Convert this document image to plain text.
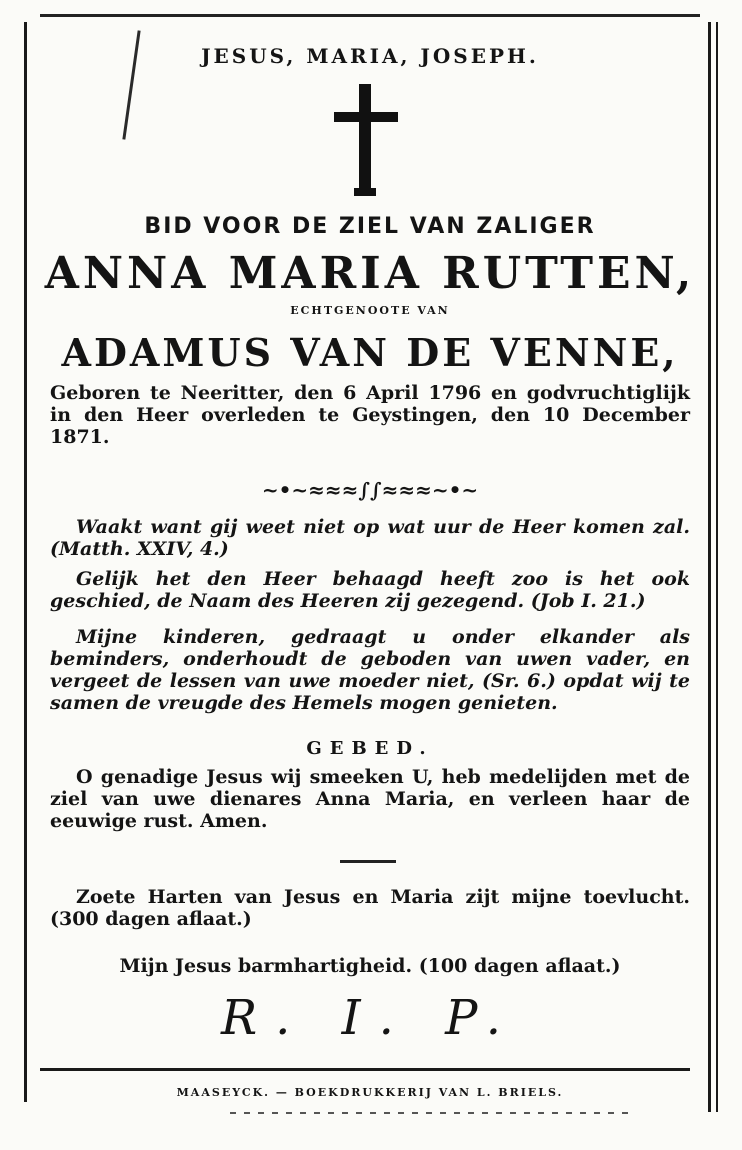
JESUS, MARIA, JOSEPH.
BID VOOR DE ZIEL VAN ZALIGER
ANNA MARIA RUTTEN,
ECHTGENOOTE VAN
ADAMUS VAN DE VENNE,
Geboren te Neeritter, den 6 April 1796 en godvruchtiglijk in den Heer overleden te Geystingen, den 10 December 1871.
~•~≈≈≈∫∫≈≈≈~•~
Waakt want gij weet niet op wat uur de Heer komen zal. (Matth. XXIV, 4.)
Gelijk het den Heer behaagd heeft zoo is het ook geschied, de Naam des Heeren zij gezegend. (Job I. 21.)
Mijne kinderen, gedraagt u onder elkander als beminders, onderhoudt de geboden van uwen vader, en vergeet de lessen van uwe moeder niet, (Sr. 6.) opdat wij te samen de vreugde des Hemels mogen genieten.
GEBED.
O genadige Jesus wij smeeken U, heb medelijden met de ziel van uwe dienares Anna Maria, en verleen haar de eeuwige rust. Amen.
Zoete Harten van Jesus en Maria zijt mijne toevlucht. (300 dagen aflaat.)
Mijn Jesus barmhartigheid. (100 dagen aflaat.)
R. I. P.
MAASEYCK. — BOEKDRUKKERIJ VAN L. BRIELS.
